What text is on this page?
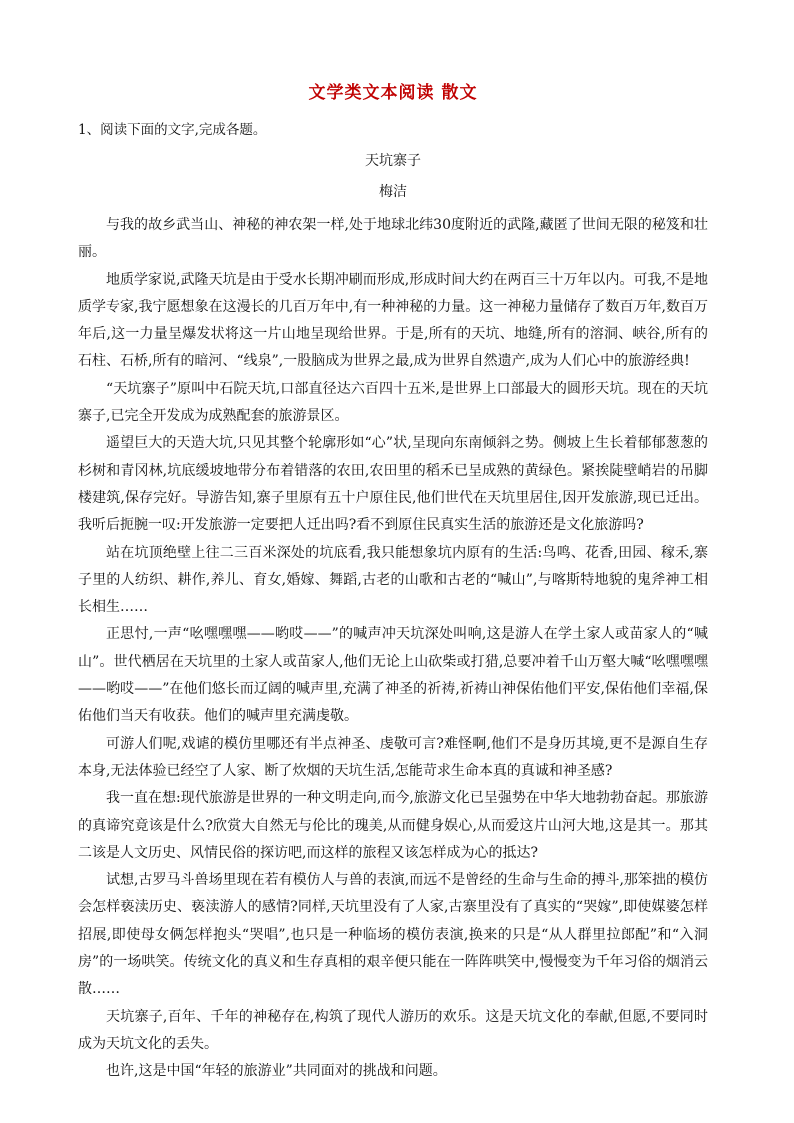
文学类文本阅读 散文
1、阅读下面的文字,完成各题。
天坑寨子
梅洁

与我的故乡武当山、神秘的神农架一样,处于地球北纬30度附近的武隆,藏匿了世间无限的秘笈和壮丽。

地质学家说,武隆天坑是由于受水长期冲刷而形成,形成时间大约在两百三十万年以内。可我,不是地质学专家,我宁愿想象在这漫长的几百万年中,有一种神秘的力量。这一神秘力量储存了数百万年,数百万年后,这一力量呈爆发状将这一片山地呈现给世界。于是,所有的天坑、地缝,所有的溶洞、峡谷,所有的石柱、石桥,所有的暗河、“线泉”,一股脑成为世界之最,成为世界自然遗产,成为人们心中的旅游经典!

“天坑寨子”原叫中石院天坑,口部直径达六百四十五米,是世界上口部最大的圆形天坑。现在的天坑寨子,已完全开发成为成熟配套的旅游景区。

遥望巨大的天造大坑,只见其整个轮廓形如“心”状,呈现向东南倾斜之势。侧坡上生长着郁郁葱葱的杉树和青冈林,坑底缓坡地带分布着错落的农田,农田里的稻禾已呈成熟的黄绿色。紧挨陡壁峭岩的吊脚楼建筑,保存完好。导游告知,寨子里原有五十户原住民,他们世代在天坑里居住,因开发旅游,现已迁出。我听后扼腕一叹:开发旅游一定要把人迁出吗?看不到原住民真实生活的旅游还是文化旅游吗?

站在坑顶绝壁上往二三百米深处的坑底看,我只能想象坑内原有的生活:鸟鸣、花香,田园、稼禾,寨子里的人纺织、耕作,养儿、育女,婚嫁、舞蹈,古老的山歌和古老的“喊山”,与喀斯特地貌的鬼斧神工相长相生……

正思忖,一声“吆嘿嘿嘿——哟哎——”的喊声冲天坑深处叫响,这是游人在学土家人或苗家人的“喊山”。世代栖居在天坑里的土家人或苗家人,他们无论上山砍柴或打猎,总要冲着千山万壑大喊“吆嘿嘿嘿——哟哎——”在他们悠长而辽阔的喊声里,充满了神圣的祈祷,祈祷山神保佑他们平安,保佑他们幸福,保佑他们当天有收获。他们的喊声里充满虔敬。

可游人们呢,戏谑的模仿里哪还有半点神圣、虔敬可言?难怪啊,他们不是身历其境,更不是源自生存本身,无法体验已经空了人家、断了炊烟的天坑生活,怎能苛求生命本真的真诚和神圣感?

我一直在想:现代旅游是世界的一种文明走向,而今,旅游文化已呈强势在中华大地勃勃奋起。那旅游的真谛究竟该是什么?欣赏大自然无与伦比的瑰美,从而健身娱心,从而爱这片山河大地,这是其一。那其二该是人文历史、风情民俗的探访吧,而这样的旅程又该怎样成为心的抵达?

试想,古罗马斗兽场里现在若有模仿人与兽的表演,而远不是曾经的生命与生命的搏斗,那笨拙的模仿会怎样亵渎历史、亵渎游人的感情?同样,天坑里没有了人家,古寨里没有了真实的“哭嫁”,即使媒婆怎样招展,即使母女俩怎样抱头“哭唱”,也只是一种临场的模仿表演,换来的只是“从人群里拉郎配”和“入洞房”的一场哄笑。传统文化的真义和生存真相的艰辛便只能在一阵阵哄笑中,慢慢变为千年习俗的烟消云散……

天坑寨子,百年、千年的神秘存在,构筑了现代人游历的欢乐。这是天坑文化的奉献,但愿,不要同时成为天坑文化的丢失。

也许,这是中国“年轻的旅游业”共同面对的挑战和问题。
